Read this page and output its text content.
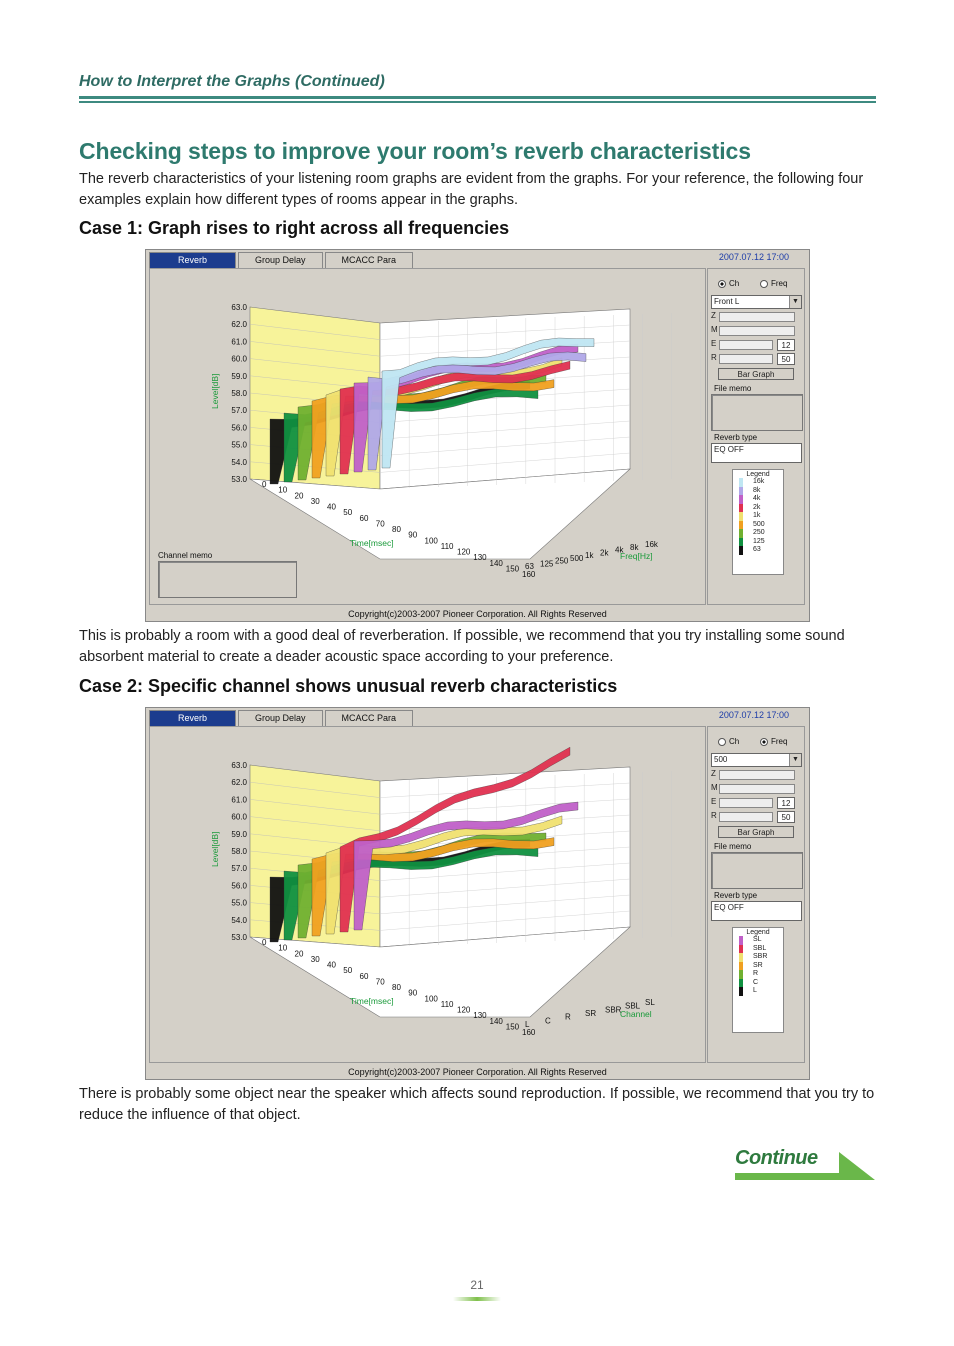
How to Interpret the Graphs (Continued)
Checking steps to improve your room’s reverb characteristics
The reverb characteristics of your listening room graphs are evident from the graphs. For your reference, the following four examples explain how different types of rooms appear in the graphs.
Case 1: Graph rises to right across all frequencies
Reverb	Group Delay	MCACC Para	2007.07.12 17:00
63.0
62.0
61.0
60.0
59.0
58.0
57.0
56.0
55.0
54.0
53.0
Level[dB]
0
10
20
30
40
50
60
70
80
90
100
110
120
130
140
150
160
Time[msec]
63 125 250 500 1k 2k 4k 8k 16k
Freq[Hz]
Channel memo
Ch	Freq
Front L	▼
Z
M
E	12
R	50
Bar Graph
File memo
Reverb type
EQ OFF
Legend
16k
8k
4k
2k
1k
500
250
125
63
Copyright(c)2003-2007 Pioneer Corporation. All Rights Reserved
This is probably a room with a good deal of reverberation. If possible, we recommend that you try installing some sound absorbent material to create a deader acoustic space according to your preference.
Case 2: Specific channel shows unusual reverb characteristics
Reverb	Group Delay	MCACC Para	2007.07.12 17:00
63.0
62.0
61.0
60.0
59.0
58.0
57.0
56.0
55.0
54.0
53.0
Level[dB]
0
10
20
30
40
50
60
70
80
90
100
110
120
130
140
150
160
Time[msec]
L C R SR SBR SBL SL
Channel
Ch	Freq
500	▼
Z
M
E	12
R	50
Bar Graph
File memo
Reverb type
EQ OFF
Legend
SL
SBL
SBR
SR
R
C
L
Copyright(c)2003-2007 Pioneer Corporation. All Rights Reserved
There is probably some object near the speaker which affects sound reproduction. If possible, we recommend that you try to reduce the influence of that object.
Continue
21
